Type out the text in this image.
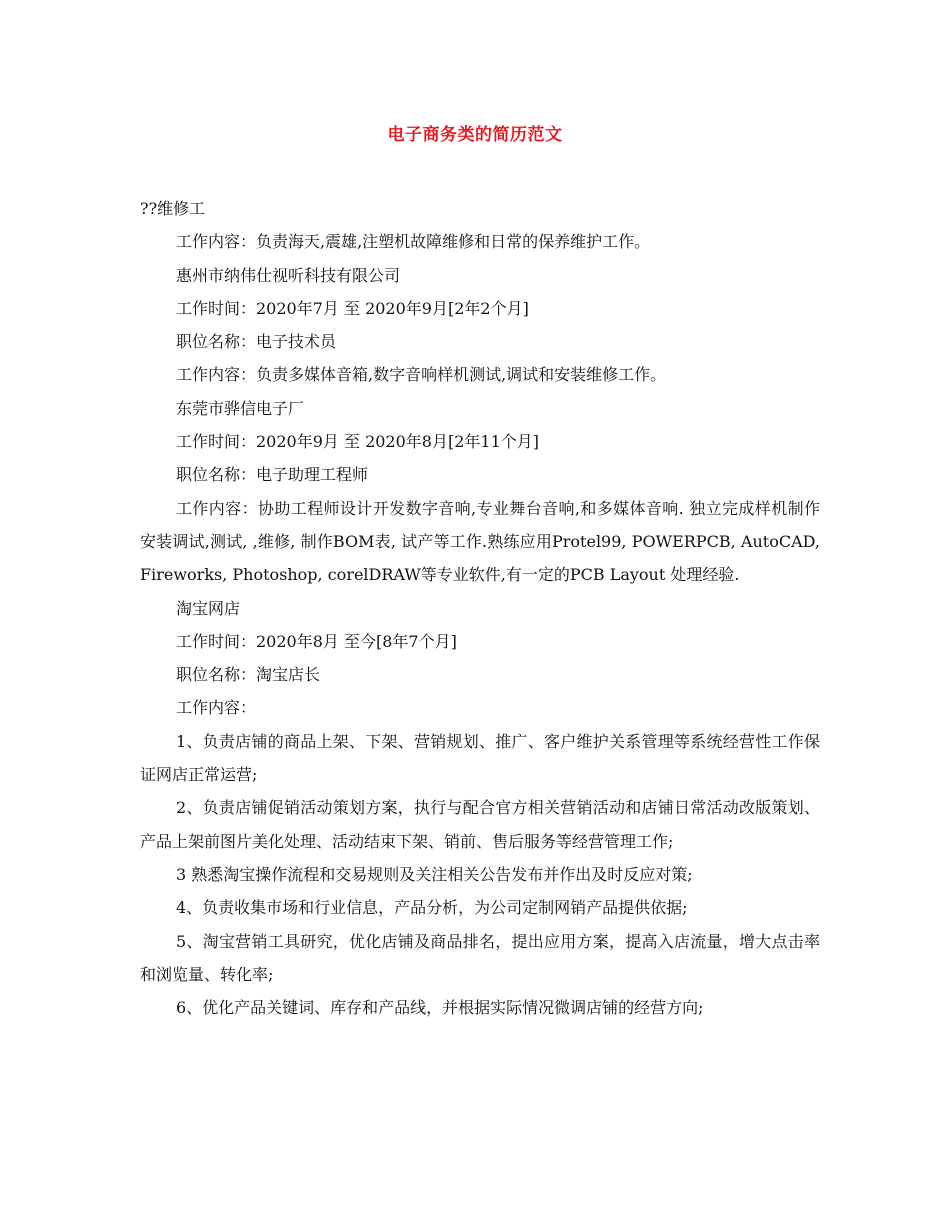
电子商务类的简历范文

??维修工

工作内容：负责海天,震雄,注塑机故障维修和日常的保养维护工作。

惠州市纳伟仕视听科技有限公司

工作时间：2020年7月 至 2020年9月[2年2个月]

职位名称：电子技术员

工作内容：负责多媒体音箱,数字音响样机测试,调试和安装维修工作。

东莞市骅信电子厂

工作时间：2020年9月 至 2020年8月[2年11个月]

职位名称：电子助理工程师

工作内容：协助工程师设计开发数字音响,专业舞台音响,和多媒体音响. 独立完成样机制作安装调试,测试, ,维修, 制作BOM表, 试产等工作.熟练应用Protel99, POWERPCB, AutoCAD, Fireworks, Photoshop, corelDRAW等专业软件,有一定的PCB Layout 处理经验.

淘宝网店

工作时间：2020年8月 至今[8年7个月]

职位名称：淘宝店长

工作内容：

1、负责店铺的商品上架、下架、营销规划、推广、客户维护关系管理等系统经营性工作保证网店正常运营;

2、负责店铺促销活动策划方案，执行与配合官方相关营销活动和店铺日常活动改版策划、产品上架前图片美化处理、活动结束下架、销前、售后服务等经营管理工作;

3 熟悉淘宝操作流程和交易规则及关注相关公告发布并作出及时反应对策;

4、负责收集市场和行业信息，产品分析，为公司定制网销产品提供依据;

5、淘宝营销工具研究，优化店铺及商品排名，提出应用方案，提高入店流量，增大点击率和浏览量、转化率;

6、优化产品关键词、库存和产品线，并根据实际情况微调店铺的经营方向;
